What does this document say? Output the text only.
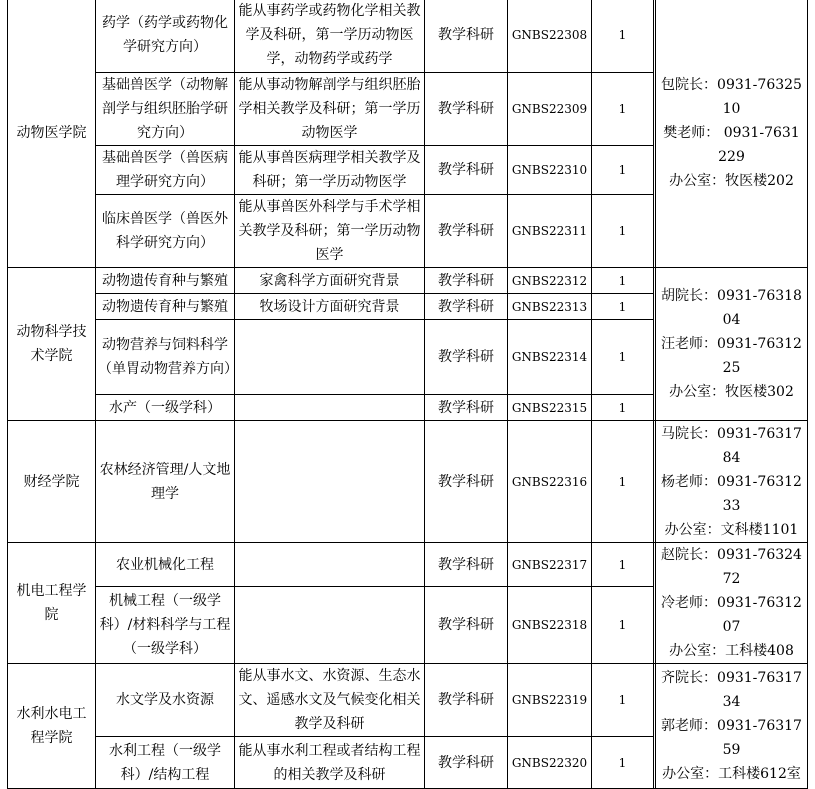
动物医学院	药学（药学或药物化学研究方向）	能从事药学或药物化学相关教学及科研，第一学历动物医学，动物药学或药学	教学科研	GNBS22308	1		包院长：0931-7632510
樊老师： 0931-7631229
办公室：牧医楼202

	基础兽医学（动物解剖学与组织胚胎学研究方向）	能从事动物解剖学与组织胚胎学相关教学及科研；第一学历动物医学	教学科研	GNBS22309	1		
	基础兽医学（兽医病理学研究方向）	能从事兽医病理学相关教学及科研；第一学历动物医学	教学科研	GNBS22310	1		
	临床兽医学（兽医外科学研究方向）	能从事兽医外科学与手术学相关教学及科研；第一学历动物医学	教学科研	GNBS22311	1		
动物科学技术学院	动物遗传育种与繁殖	家禽科学方面研究背景	教学科研	GNBS22312	1		胡院长：0931-7631804
汪老师：0931-7631225
办公室：牧医楼302

	动物遗传育种与繁殖	牧场设计方面研究背景	教学科研	GNBS22313	1		
	动物营养与饲料科学（单胃动物营养方向）		教学科研	GNBS22314	1		
	水产（一级学科）		教学科研	GNBS22315	1		
财经学院	农林经济管理/人文地理学		教学科研	GNBS22316	1		马院长：0931-7631784
杨老师：0931-7631233
办公室：文科楼1101

机电工程学院	农业机械化工程		教学科研	GNBS22317	1		赵院长：0931-7632472
冷老师：0931-7631207
办公室：工科楼408

	机械工程（一级学科）/材料科学与工程（一级学科）		教学科研	GNBS22318	1		
水利水电工程学院	水文学及水资源	能从事水文、水资源、生态水文、遥感水文及气候变化相关教学及科研	教学科研	GNBS22319	1		齐院长：0931-7631734
郭老师：0931-7631759
办公室：工科楼612室

	水利工程（一级学科）/结构工程	能从事水利工程或者结构工程的相关教学及科研	教学科研	GNBS22320	1		
